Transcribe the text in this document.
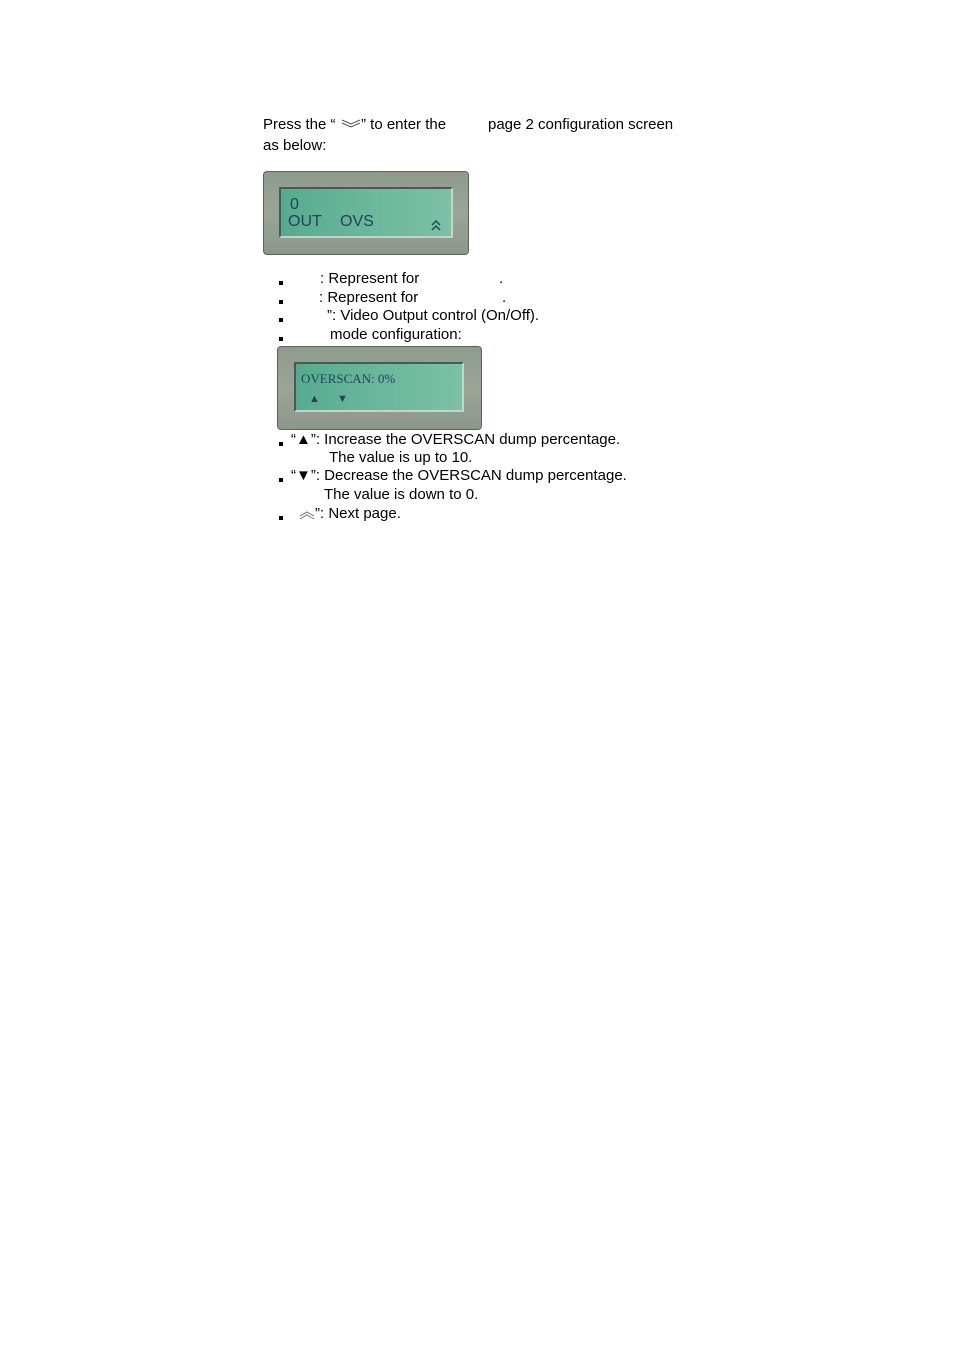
Press the “ ” to enter the	page 2 configuration screen
as below:
0
OUT OVS
: Represent for	.
: Represent for	.
”: Video Output control (On/Off).
mode configuration:
OVERSCAN: 0%
▲ ▼
“▲”: Increase the OVERSCAN dump percentage.
The value is up to 10.
“▼”: Decrease the OVERSCAN dump percentage.
The value is down to 0.
”: Next page.
